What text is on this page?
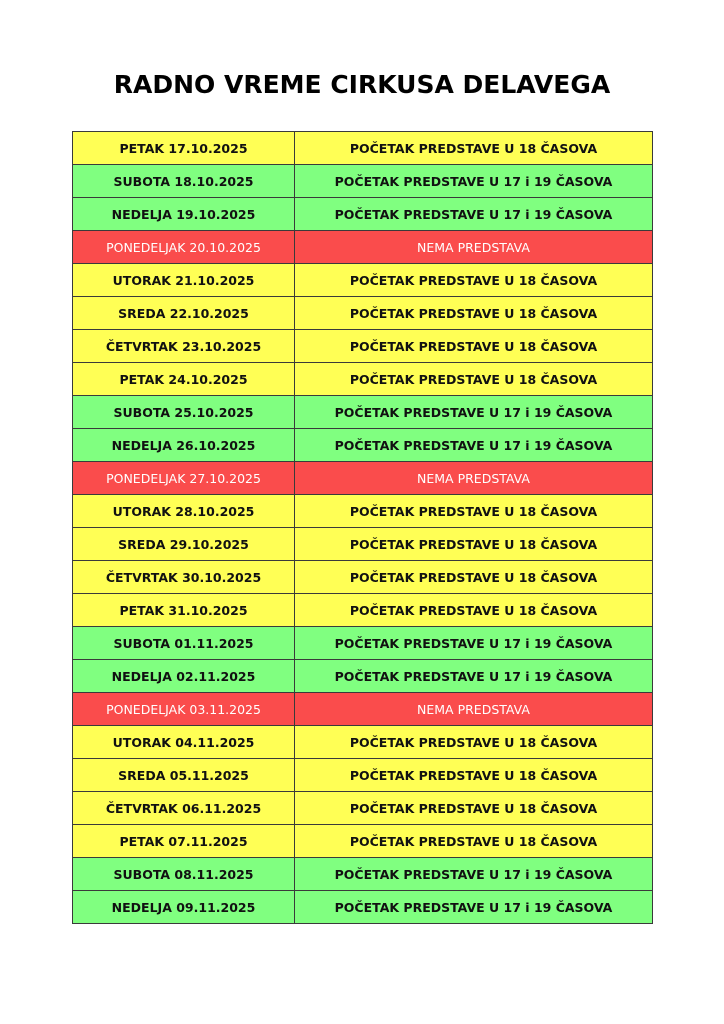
RADNO VREME CIRKUSA DELAVEGA
PETAK 17.10.2025	POČETAK PREDSTAVE U 18 ČASOVA
SUBOTA 18.10.2025	POČETAK PREDSTAVE U 17 i 19 ČASOVA
NEDELJA 19.10.2025	POČETAK PREDSTAVE U 17 i 19 ČASOVA
PONEDELJAK 20.10.2025	NEMA PREDSTAVA
UTORAK 21.10.2025	POČETAK PREDSTAVE U 18 ČASOVA
SREDA 22.10.2025	POČETAK PREDSTAVE U 18 ČASOVA
ČETVRTAK 23.10.2025	POČETAK PREDSTAVE U 18 ČASOVA
PETAK 24.10.2025	POČETAK PREDSTAVE U 18 ČASOVA
SUBOTA 25.10.2025	POČETAK PREDSTAVE U 17 i 19 ČASOVA
NEDELJA 26.10.2025	POČETAK PREDSTAVE U 17 i 19 ČASOVA
PONEDELJAK 27.10.2025	NEMA PREDSTAVA
UTORAK 28.10.2025	POČETAK PREDSTAVE U 18 ČASOVA
SREDA 29.10.2025	POČETAK PREDSTAVE U 18 ČASOVA
ČETVRTAK 30.10.2025	POČETAK PREDSTAVE U 18 ČASOVA
PETAK 31.10.2025	POČETAK PREDSTAVE U 18 ČASOVA
SUBOTA 01.11.2025	POČETAK PREDSTAVE U 17 i 19 ČASOVA
NEDELJA 02.11.2025	POČETAK PREDSTAVE U 17 i 19 ČASOVA
PONEDELJAK 03.11.2025	NEMA PREDSTAVA
UTORAK 04.11.2025	POČETAK PREDSTAVE U 18 ČASOVA
SREDA 05.11.2025	POČETAK PREDSTAVE U 18 ČASOVA
ČETVRTAK 06.11.2025	POČETAK PREDSTAVE U 18 ČASOVA
PETAK 07.11.2025	POČETAK PREDSTAVE U 18 ČASOVA
SUBOTA 08.11.2025	POČETAK PREDSTAVE U 17 i 19 ČASOVA
NEDELJA 09.11.2025	POČETAK PREDSTAVE U 17 i 19 ČASOVA
